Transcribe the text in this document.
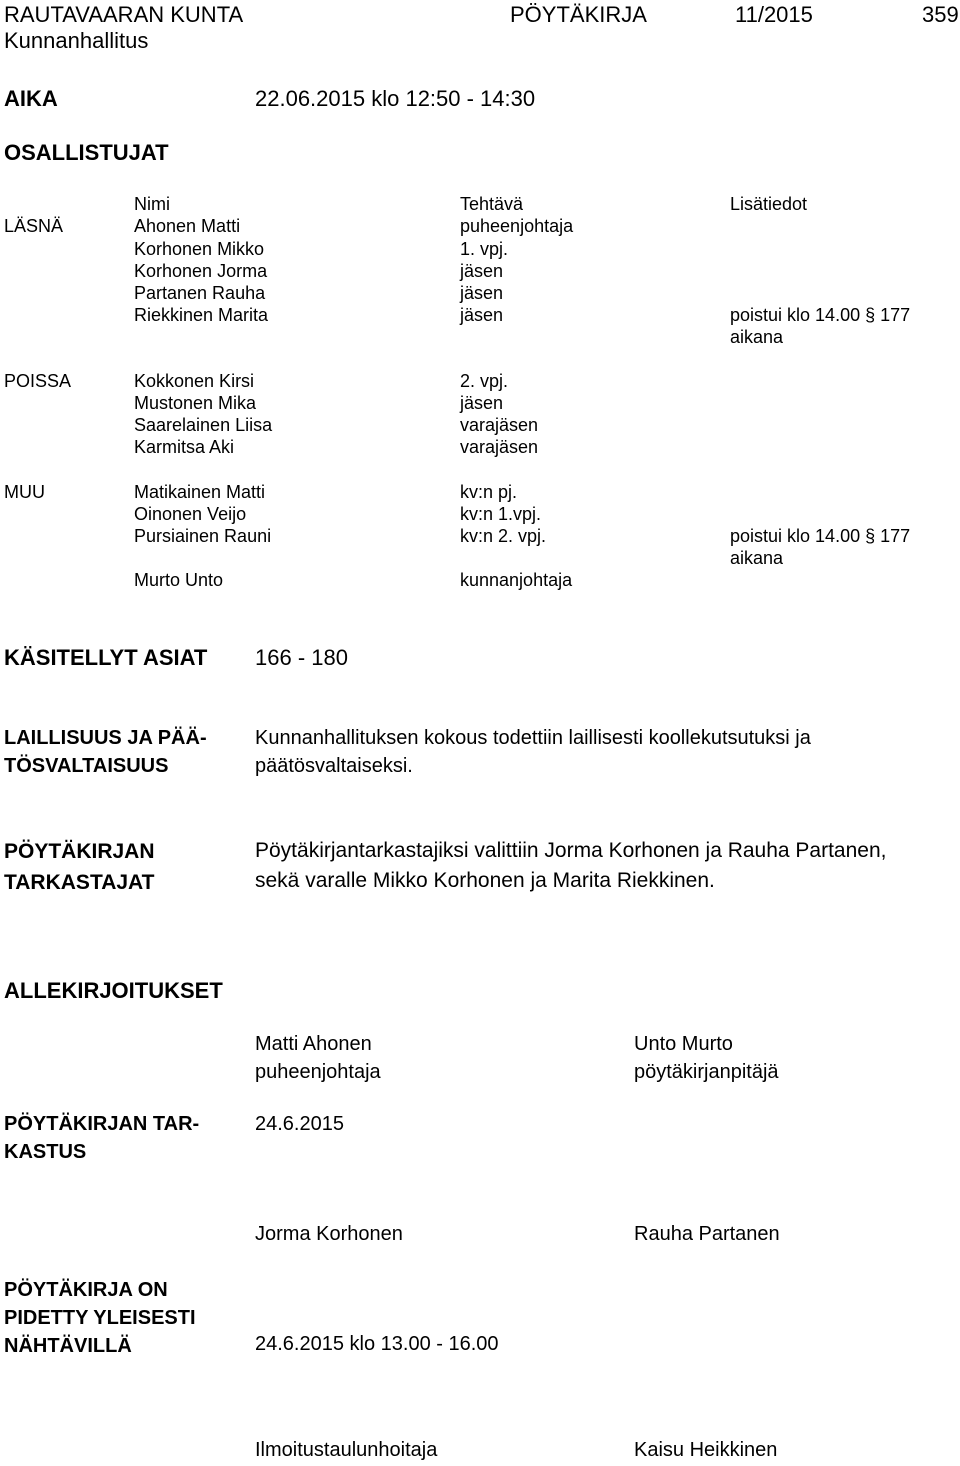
RAUTAVAARAN KUNTA	PÖYTÄKIRJA	11/2015	359
Kunnanhallitus
AIKA	22.06.2015 klo 12:50 - 14:30
OSALLISTUJAT
Nimi	Tehtävä	Lisätiedot
LÄSNÄ	Ahonen Matti	puheenjohtaja
Korhonen Mikko	1. vpj.
Korhonen Jorma	jäsen
Partanen Rauha	jäsen
Riekkinen Marita	jäsen	poistui klo 14.00 § 177
aikana
POISSA	Kokkonen Kirsi	2. vpj.
Mustonen Mika	jäsen
Saarelainen Liisa	varajäsen
Karmitsa Aki	varajäsen
MUU	Matikainen Matti	kv:n pj.
Oinonen Veijo	kv:n 1.vpj.
Pursiainen Rauni	kv:n 2. vpj.	poistui klo 14.00 § 177
aikana
Murto Unto	kunnanjohtaja
KÄSITELLYT ASIAT 166 - 180
LAILLISUUS JA PÄÄ-
TÖSVALTAISUUS
Kunnanhallituksen kokous todettiin laillisesti koollekutsutuksi ja
päätösvaltaiseksi.
PÖYTÄKIRJAN
TARKASTAJAT
Pöytäkirjantarkastajiksi valittiin Jorma Korhonen ja Rauha Partanen,
sekä varalle Mikko Korhonen ja Marita Riekkinen.
ALLEKIRJOITUKSET
Matti Ahonen
puheenjohtaja
Unto Murto
pöytäkirjanpitäjä
PÖYTÄKIRJAN TAR-
KASTUS
24.6.2015
Jorma Korhonen	Rauha Partanen
PÖYTÄKIRJA ON
PIDETTY YLEISESTI
NÄHTÄVILLÄ	24.6.2015 klo 13.00 - 16.00
Ilmoitustaulunhoitaja	Kaisu Heikkinen
